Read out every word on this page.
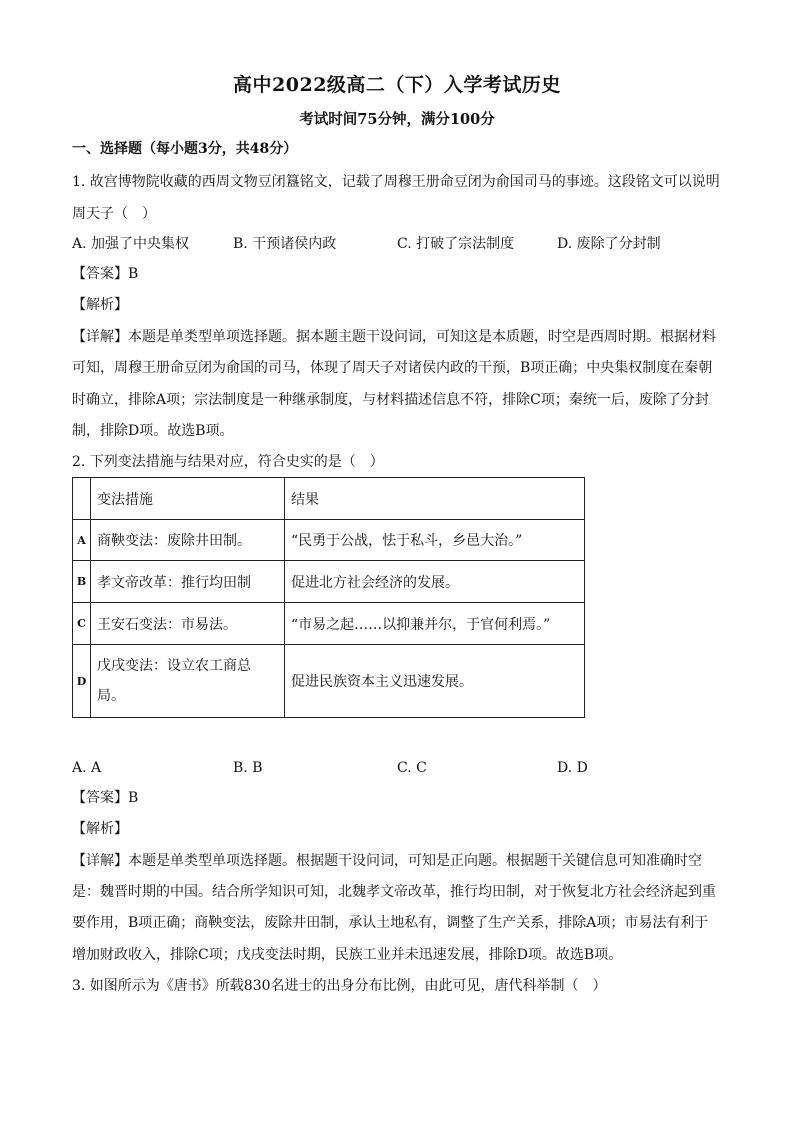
高中2022级高二（下）入学考试历史
考试时间75分钟，满分100分
一、选择题（每小题3分，共48分）
1. 故宫博物院收藏的西周文物豆闭簋铭文，记载了周穆王册命豆闭为俞国司马的事迹。这段铭文可以说明
周天子（　）
A. 加强了中央集权	B. 干预诸侯内政	C. 打破了宗法制度	D. 废除了分封制
【答案】B
【解析】
【详解】本题是单类型单项选择题。据本题主题干设问词，可知这是本质题，时空是西周时期。根据材料
可知，周穆王册命豆闭为俞国的司马，体现了周天子对诸侯内政的干预，B项正确；中央集权制度在秦朝
时确立，排除A项；宗法制度是一种继承制度，与材料描述信息不符，排除C项；秦统一后，废除了分封
制，排除D项。故选B项。
2. 下列变法措施与结果对应，符合史实的是（　）
	变法措施	结果
A	商鞅变法：废除井田制。	“民勇于公战，怯于私斗，乡邑大治。”
B	孝文帝改革：推行均田制	促进北方社会经济的发展。
C	王安石变法：市易法。	“市易之起……以抑兼并尔，于官何利焉。”
D	戊戌变法：设立农工商总局。	促进民族资本主义迅速发展。
A. A	B. B	C. C	D. D
【答案】B
【解析】
【详解】本题是单类型单项选择题。根据题干设问词，可知是正向题。根据题干关键信息可知准确时空
是：魏晋时期的中国。结合所学知识可知，北魏孝文帝改革，推行均田制，对于恢复北方社会经济起到重
要作用，B项正确；商鞅变法，废除井田制，承认土地私有，调整了生产关系，排除A项；市易法有利于
增加财政收入，排除C项；戊戌变法时期，民族工业并未迅速发展，排除D项。故选B项。
3. 如图所示为《唐书》所载830名进士的出身分布比例，由此可见，唐代科举制（　）
